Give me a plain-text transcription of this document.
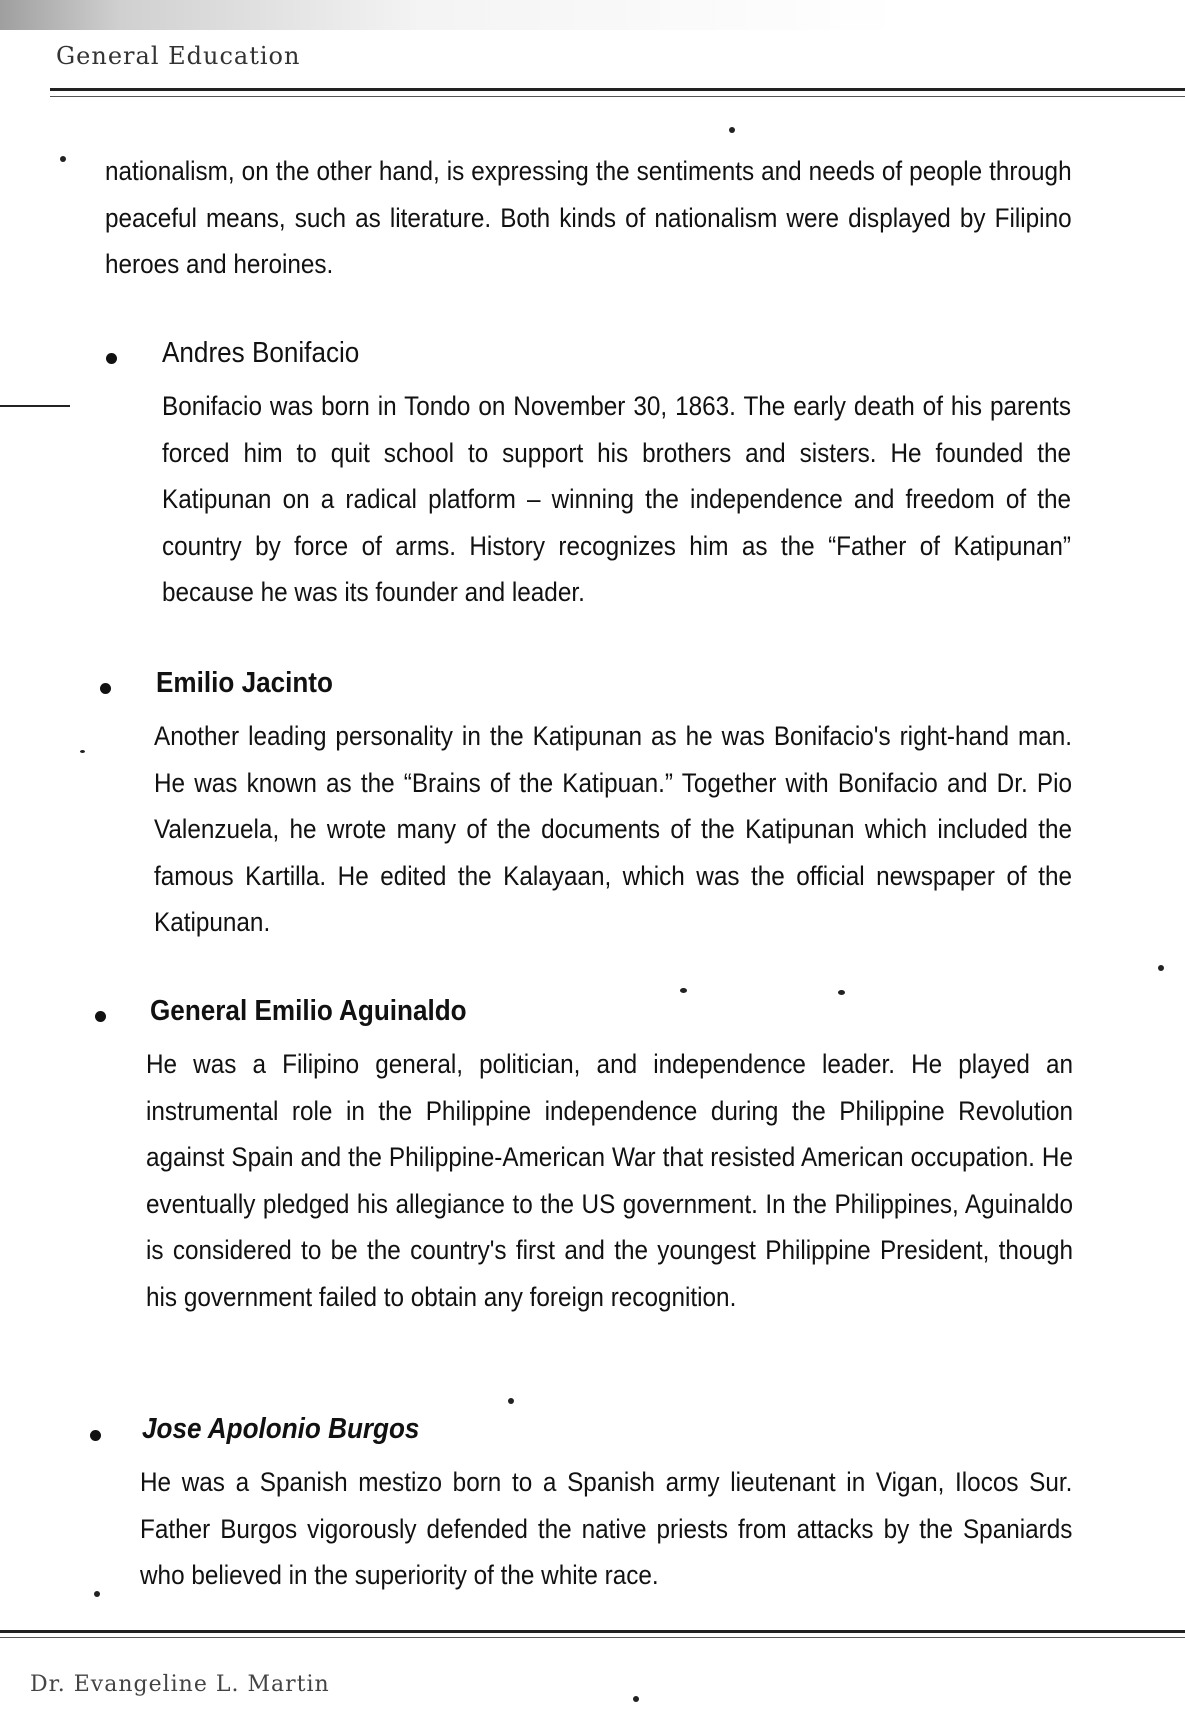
General Education
nationalism, on the other hand, is expressing the sentiments and needs of people through peaceful means, such as literature. Both kinds of nationalism were displayed by Filipino heroes and heroines.
Andres Bonifacio
Bonifacio was born in Tondo on November 30, 1863. The early death of his parents forced him to quit school to support his brothers and sisters. He founded the Katipunan on a radical platform – winning the independence and freedom of the country by force of arms. History recognizes him as the “Father of Katipunan” because he was its founder and leader.
Emilio Jacinto
Another leading personality in the Katipunan as he was Bonifacio's right-hand man. He was known as the “Brains of the Katipuan.” Together with Bonifacio and Dr. Pio Valenzuela, he wrote many of the documents of the Katipunan which included the famous Kartilla. He edited the Kalayaan, which was the official newspaper of the Katipunan.
General Emilio Aguinaldo
He was a Filipino general, politician, and independence leader. He played an instrumental role in the Philippine independence during the Philippine Revolution against Spain and the Philippine-American War that resisted American occupation. He eventually pledged his allegiance to the US government. In the Philippines, Aguinaldo is considered to be the country's first and the youngest Philippine President, though his government failed to obtain any foreign recognition.
Jose Apolonio Burgos
He was a Spanish mestizo born to a Spanish army lieutenant in Vigan, Ilocos Sur. Father Burgos vigorously defended the native priests from attacks by the Spaniards who believed in the superiority of the white race.
Dr. Evangeline L. Martin
